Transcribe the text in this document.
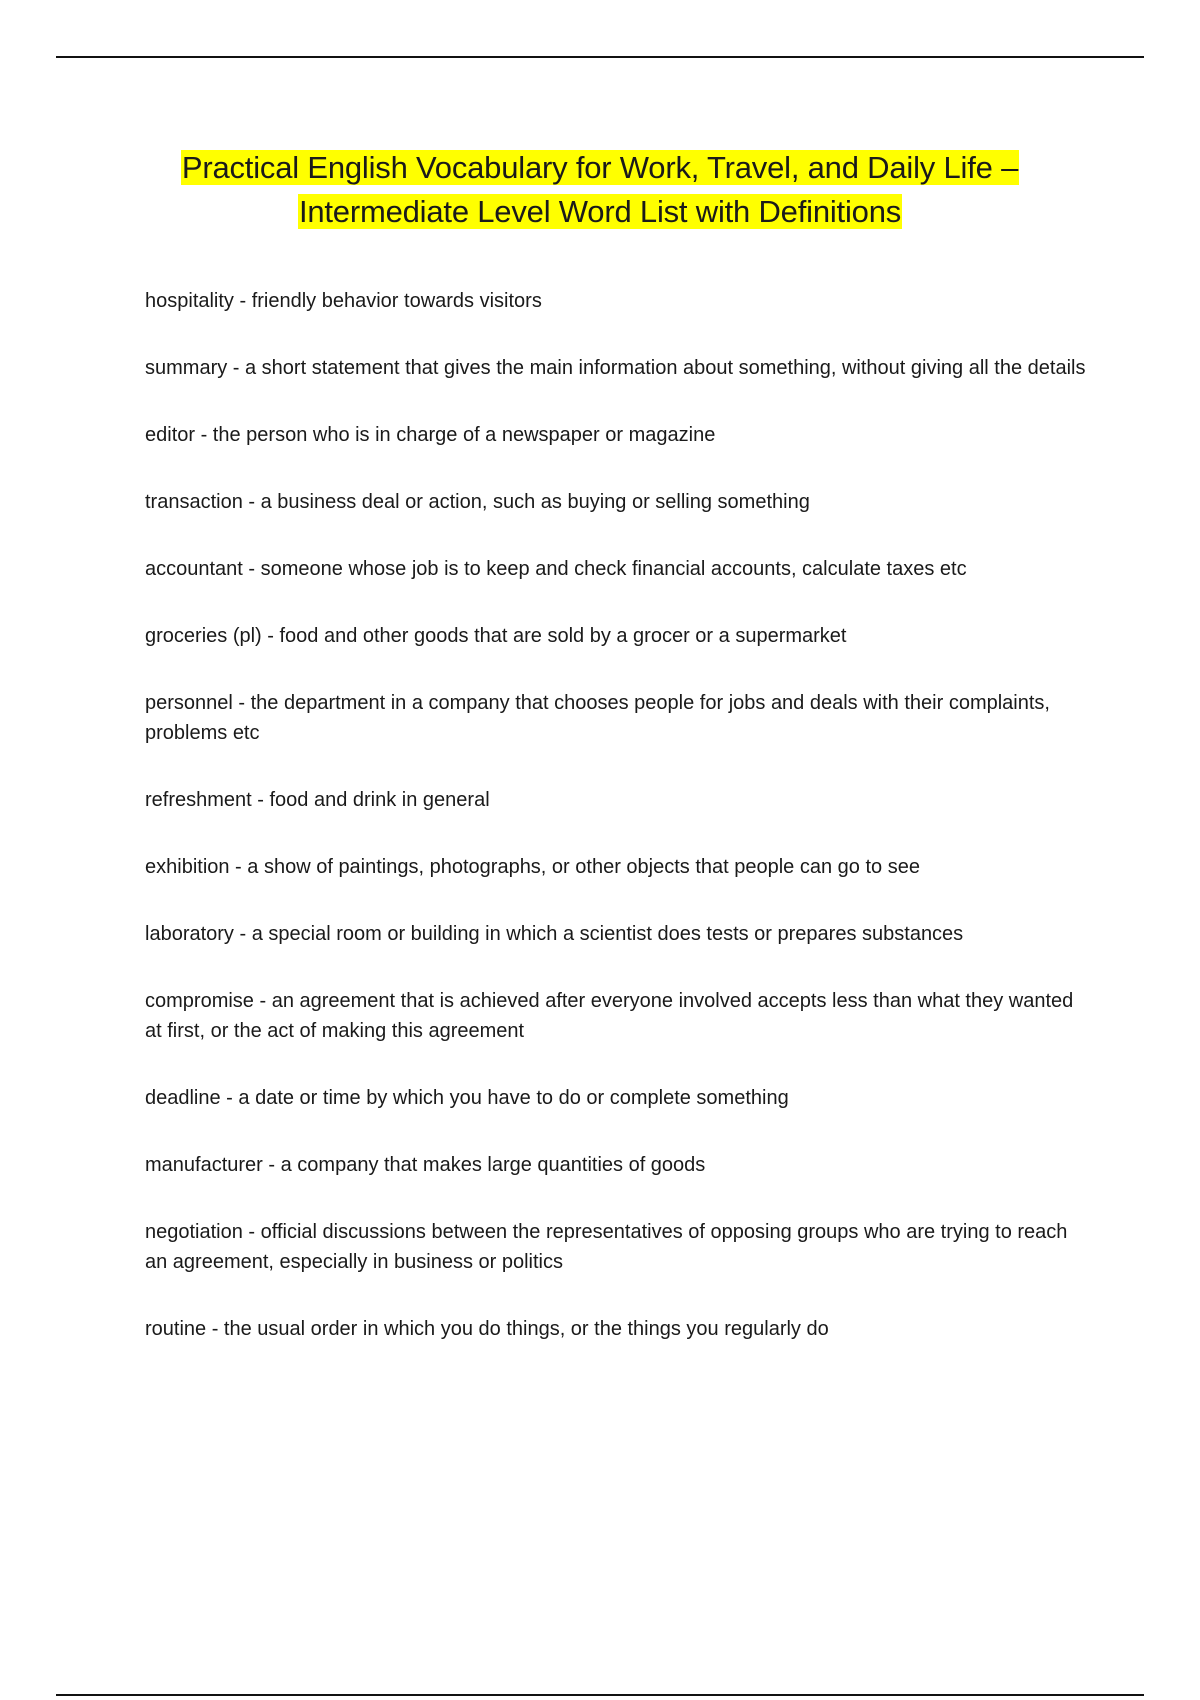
Practical English Vocabulary for Work, Travel, and Daily Life –
Intermediate Level Word List with Definitions
hospitality - friendly behavior towards visitors
summary - a short statement that gives the main information about something, without giving all the details
editor - the person who is in charge of a newspaper or magazine
transaction - a business deal or action, such as buying or selling something
accountant - someone whose job is to keep and check financial accounts, calculate taxes etc
groceries (pl) - food and other goods that are sold by a grocer or a supermarket
personnel - the department in a company that chooses people for jobs and deals with their complaints, problems etc
refreshment - food and drink in general
exhibition - a show of paintings, photographs, or other objects that people can go to see
laboratory - a special room or building in which a scientist does tests or prepares substances
compromise - an agreement that is achieved after everyone involved accepts less than what they wanted at first, or the act of making this agreement
deadline - a date or time by which you have to do or complete something
manufacturer - a company that makes large quantities of goods
negotiation - official discussions between the representatives of opposing groups who are trying to reach an agreement, especially in business or politics
routine - the usual order in which you do things, or the things you regularly do
